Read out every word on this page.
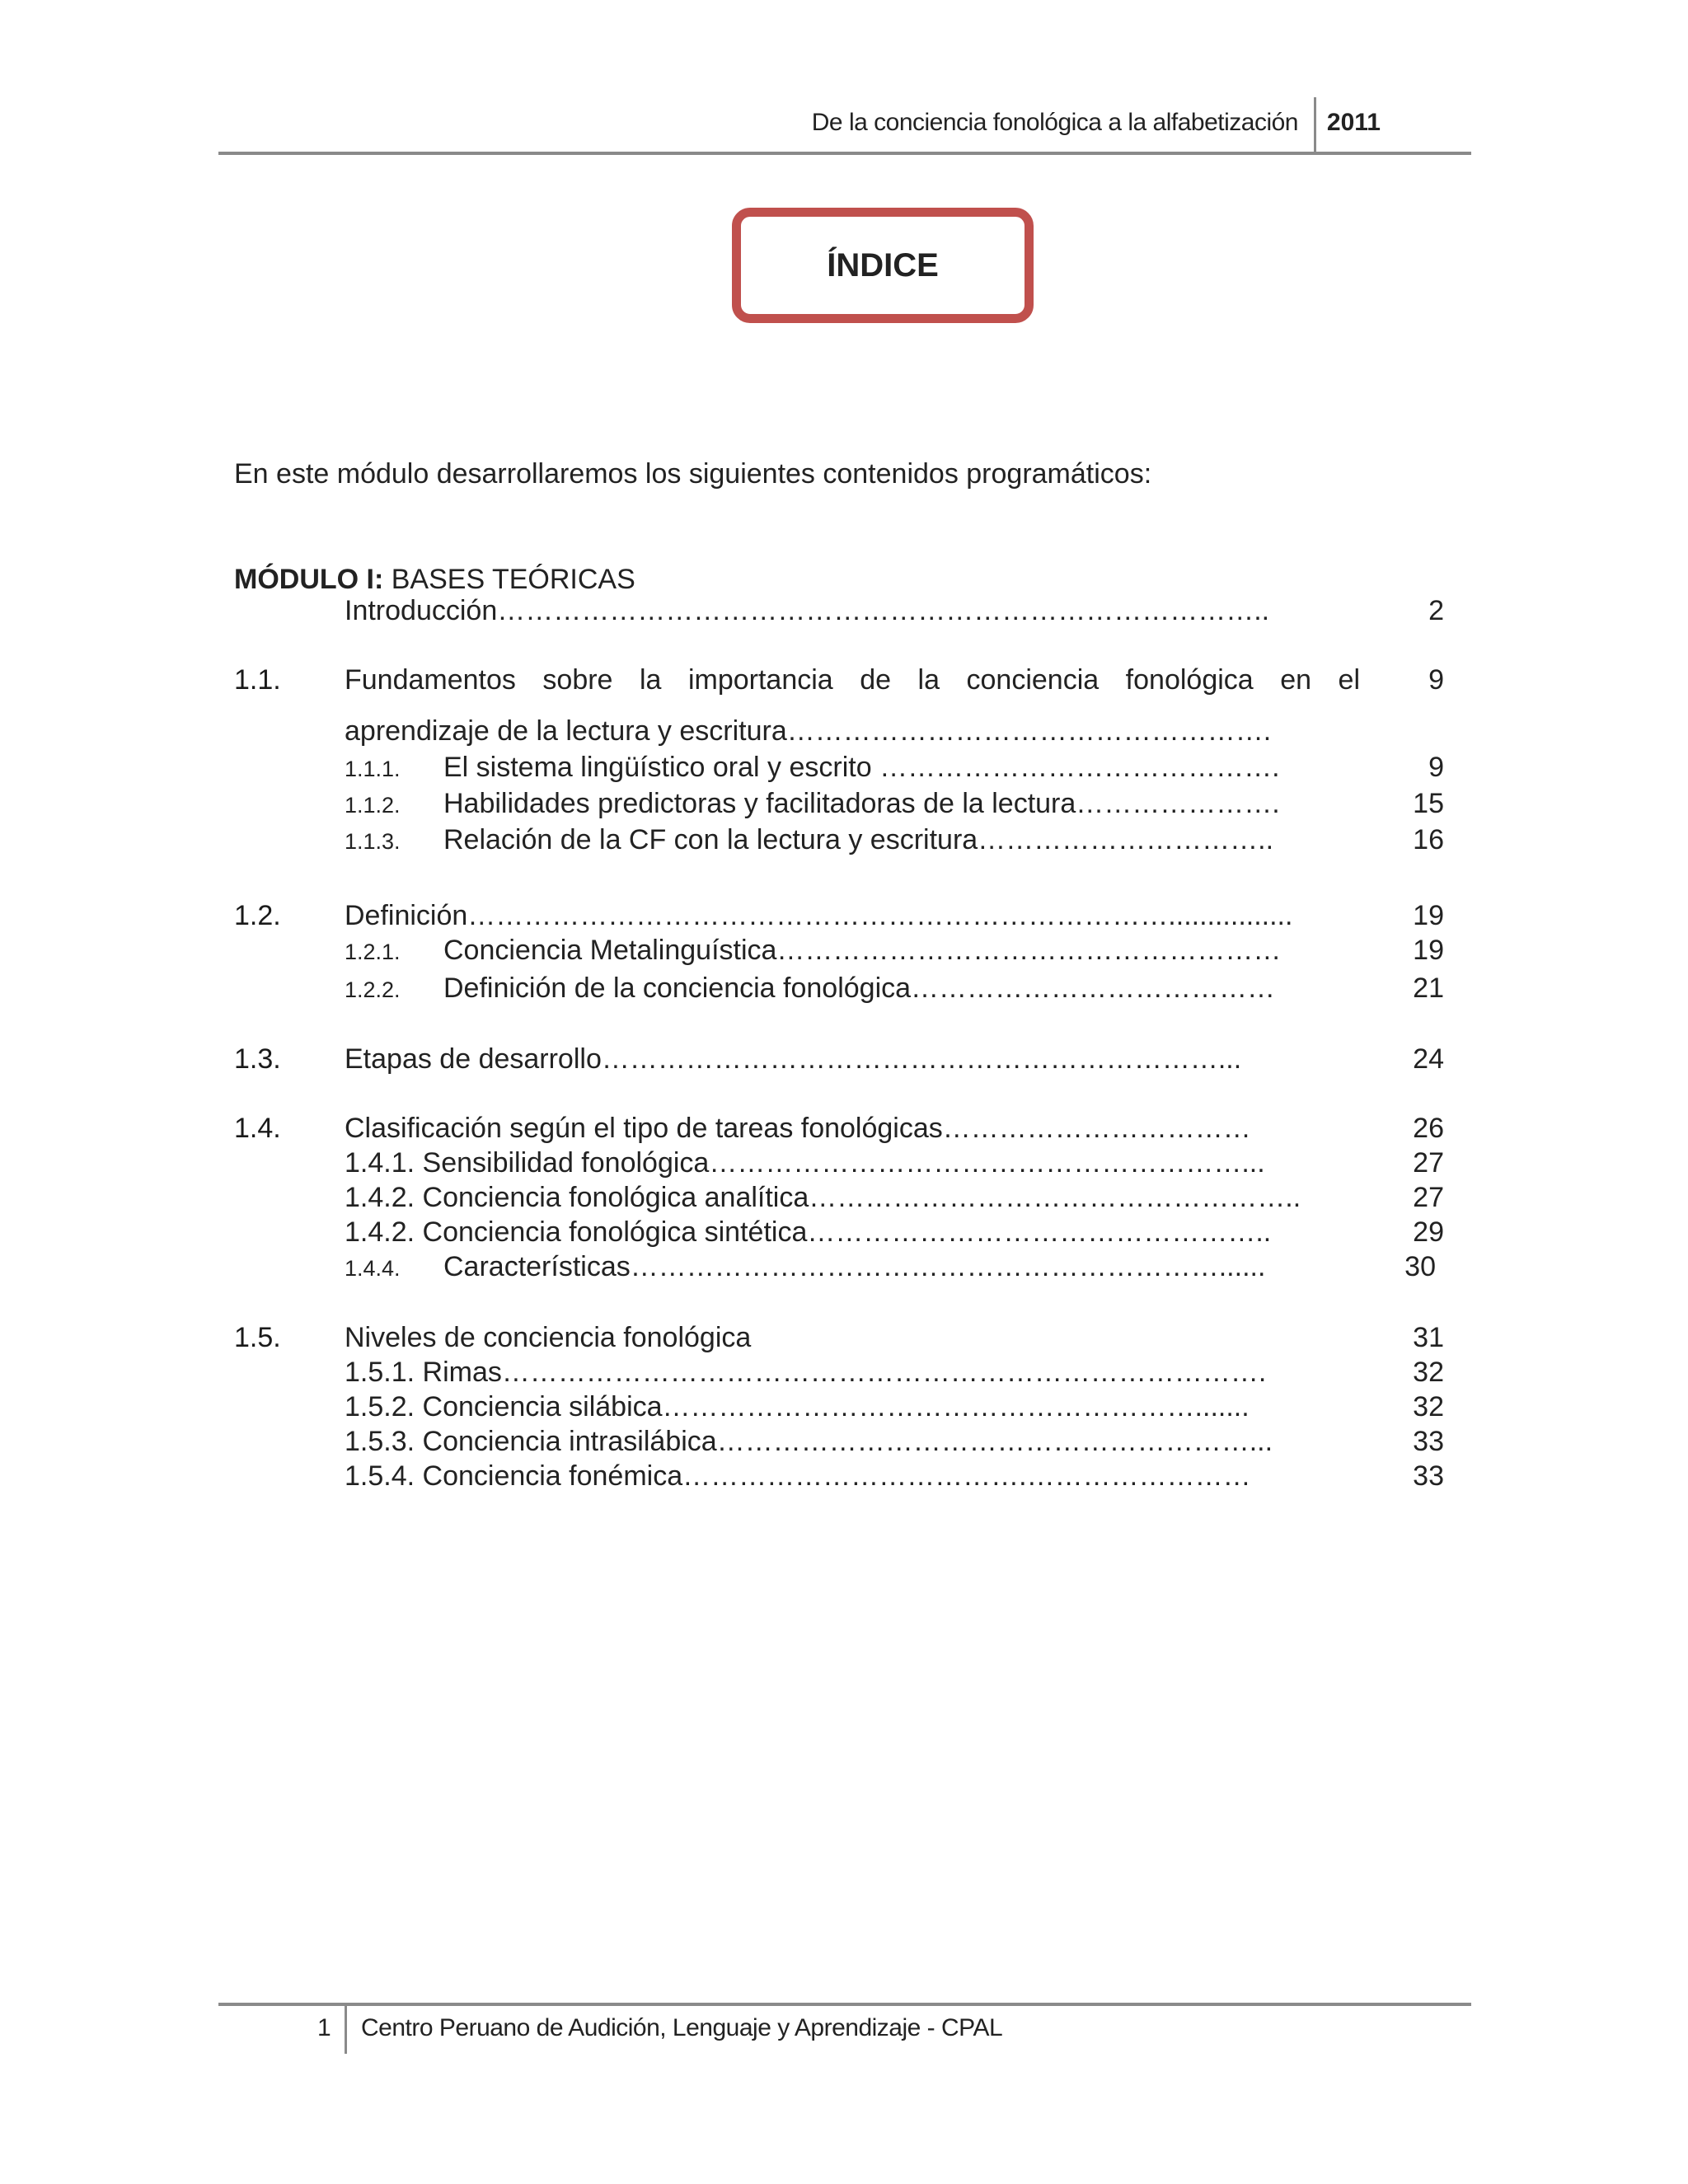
De la conciencia fonológica a la alfabetización 2011
ÍNDICE
En este módulo desarrollaremos los siguientes contenidos programáticos:
MÓDULO I: BASES TEÓRICAS
Introducción………………………………………………………………………..	2
1.1. Fundamentos sobre la importancia de la conciencia fonológica en el	9
aprendizaje de la lectura y escritura…………………………………………….
1.1.1. El sistema lingüístico oral y escrito …………………………………….	9
1.1.2. Habilidades predictoras y facilitadoras de la lectura………………….	15
1.1.3. Relación de la CF con la lectura y escritura…………………………..	16
1.2. Definición…………………………………………………………………................	19
1.2.1. Conciencia Metalinguística………………………………………………	19
1.2.2. Definición de la conciencia fonológica…………………………………	21
1.3. Etapas de desarrollo…………………………………………………………...	24
1.4. Clasificación según el tipo de tareas fonológicas……………………………	26
1.4.1. Sensibilidad fonológica…………………………………………………...	27
1.4.2. Conciencia fonológica analítica……………………………………………..	27
1.4.2. Conciencia fonológica sintética…………………………………………..	29
1.4.4. Características………………………………………………………......	30
1.5. Niveles de conciencia fonológica	31
1.5.1. Rimas……………………………………………………………………….	32
1.5.2. Conciencia silábica………………………………………………….......	32
1.5.3. Conciencia intrasilábica…………………………………………………...	33
1.5.4. Conciencia fonémica……………………………….……………………	33
1 Centro Peruano de Audición, Lenguaje y Aprendizaje - CPAL
